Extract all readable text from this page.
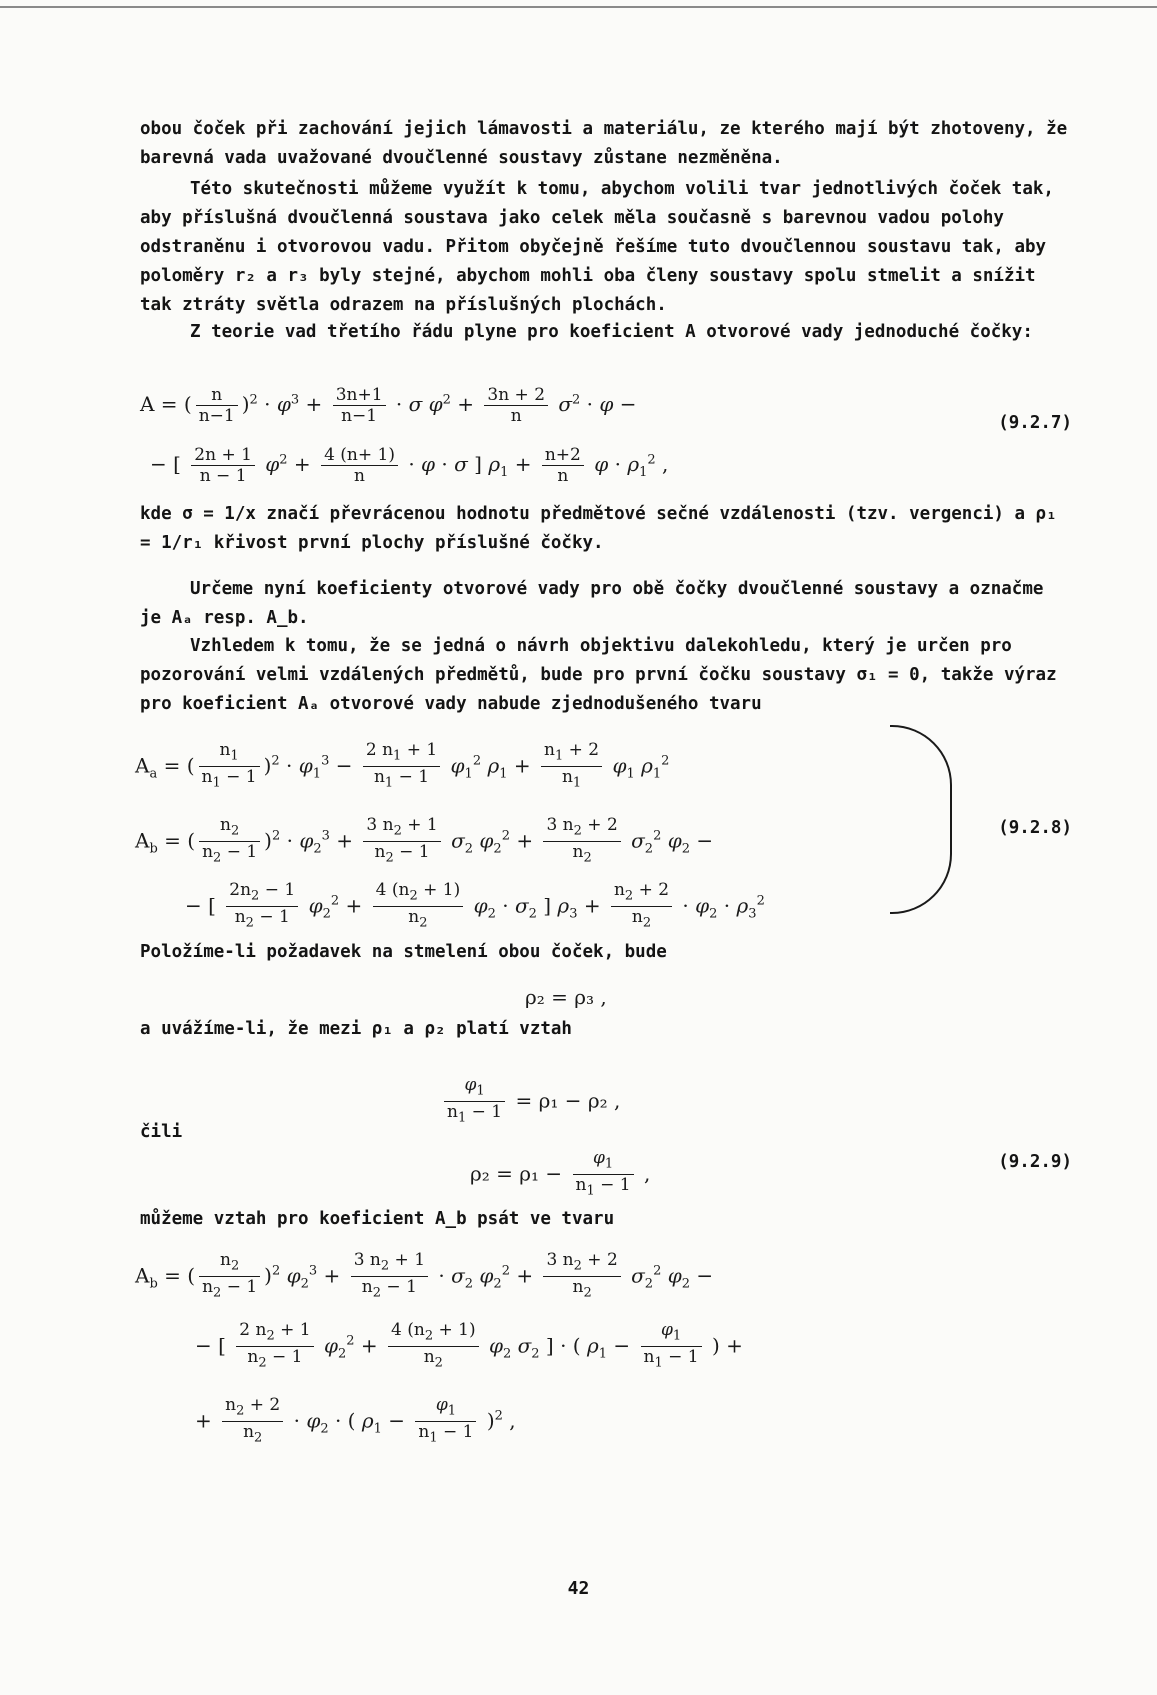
obou čoček při zachování jejich lámavosti a materiálu, ze kterého mají být zhotoveny, že barevná vada uvažované dvoučlenné soustavy zůstane nezměněna.

Této skutečnosti můžeme využít k tomu, abychom volili tvar jednotlivých čoček tak, aby příslušná dvoučlenná soustava jako celek měla současně s barevnou vadou polohy odstraněnu i otvorovou vadu. Přitom obyčejně řešíme tuto dvoučlennou soustavu tak, aby poloměry r₂ a r₃ byly stejné, abychom mohli oba členy soustavy spolu stmelit a snížit tak ztráty světla odrazem na příslušných plochách.

Z teorie vad třetího řádu plyne pro koeficient A otvorové vady jednoduché čočky:

A = ( $\frac{n}{n-1} )^2 \cdot \varphi^3 + \frac{3n+1}{n-1} \cdot \sigma$ $\varphi^2 + \frac{3n + 2}{n} \sigma^2 \cdot \varphi$ −
− [ $\frac{2n + 1}{n - 1} \varphi^2 + \frac{4 (n+ 1)}{n} \cdot \varphi \cdot \sigma$ ] $\rho_1 + \frac{n+2}{n}$ $\varphi \cdot \rho_1^2$ ,
(9.2.7)

kde σ = 1/x značí převrácenou hodnotu předmětové sečné vzdálenosti (tzv. vergenci) a ρ₁ = 1/r₁ křivost první plochy příslušné čočky.

Určeme nyní koeficienty otvorové vady pro obě čočky dvoučlenné soustavy a označme je Aₐ resp. A_b.

Vzhledem k tomu, že se jedná o návrh objektivu dalekohledu, který je určen pro pozorování velmi vzdálených předmětů, bude pro první čočku soustavy σ₁ = 0, takže výraz pro koeficient Aₐ otvorové vady nabude zjednodušeného tvaru

$A_a$ = ( $\frac{n_1}{n_1 - 1} )^2 \cdot \varphi_1^3 - \frac{2 n_1 + 1}{n_1 - 1} \varphi_1^2$ $\rho_1 + \frac{n_1 + 2}{n_1} \varphi_1$ $\rho_1^2$
$A_b$ = ( $\frac{n_2}{n_2 - 1} )^2 \cdot \varphi_2^3 + \frac{3 n_2 + 1}{n_2 - 1} \sigma_2$ $\varphi_2^2 + \frac{3 n_2 + 2}{n_2} \sigma_2^2$ $\varphi_2$ −
− [ $\frac{2n_2 - 1}{n_2 - 1} \varphi_2^2 + \frac{4 (n_2 + 1)}{n_2} \varphi_2 \cdot \sigma_2$ ] $\rho_3 + \frac{n_2 + 2}{n_2} \cdot \varphi_2 \cdot \rho_3^2$
(9.2.8)

Položíme-li požadavek na stmelení obou čoček, bude

ρ₂ = ρ₃ ,

a uvážíme-li, že mezi ρ₁ a ρ₂ platí vztah

$\frac{\varphi_1}{n_1 - 1} = \rho_1 - \rho_2$ ,

čili

$\rho_2 = \rho_1 - \frac{\varphi_1}{n_1 - 1}$ ,	(9.2.9)

můžeme vztah pro koeficient A_b psát ve tvaru

$A_b$ = ( $\frac{n_2}{n_2 - 1} )^2$ $\varphi_2^3 + \frac{3 n_2 + 1}{n_2 - 1} \cdot \sigma_2$ $\varphi_2^2 + \frac{3 n_2 + 2}{n_2} \sigma_2^2$ $\varphi_2$ −
− [ $\frac{2 n_2 + 1}{n_2 - 1} \varphi_2^2 + \frac{4 (n_2 + 1)}{n_2} \varphi_2$ $\sigma_2$ ] · ( $\rho_1 - \frac{\varphi_1}{n_1 - 1}$ ) +
+ $\frac{n_2 + 2}{n_2} \cdot \varphi_2$ · ( $\rho_1 - \frac{\varphi_1}{n_1 - 1} )^2$ ,
42
